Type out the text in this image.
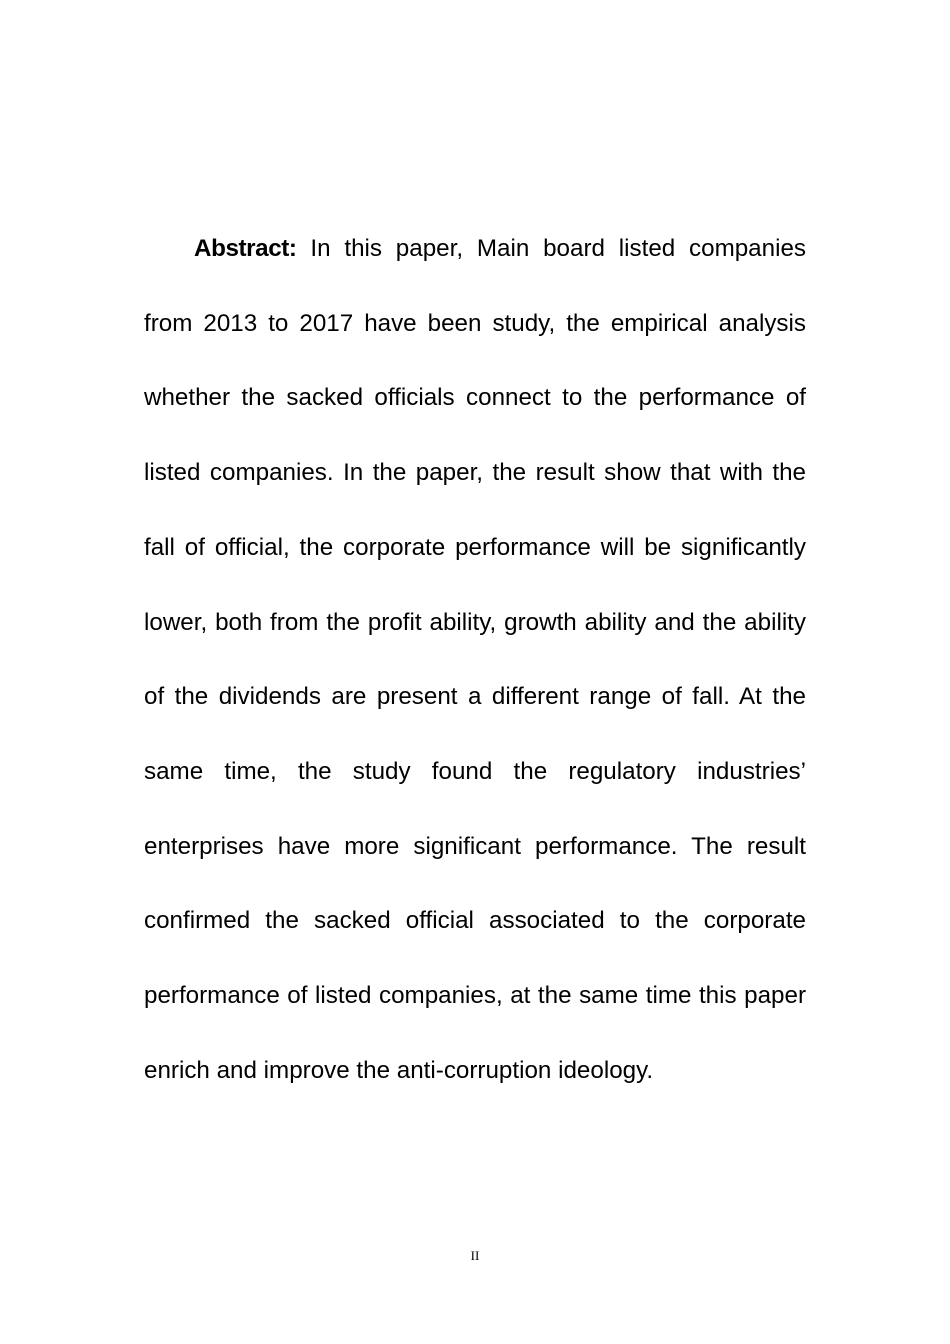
Abstract: In this paper, Main board listed companies from 2013 to 2017 have been study, the empirical analysis whether the sacked officials connect to the performance of listed companies. In the paper, the result show that with the fall of official, the corporate performance will be significantly lower, both from the profit ability, growth ability and the ability of the dividends are present a different range of fall. At the same time, the study found the regulatory industries’ enterprises have more significant performance. The result confirmed the sacked official associated to the corporate performance of listed companies, at the same time this paper enrich and improve the anti-corruption ideology.

II
